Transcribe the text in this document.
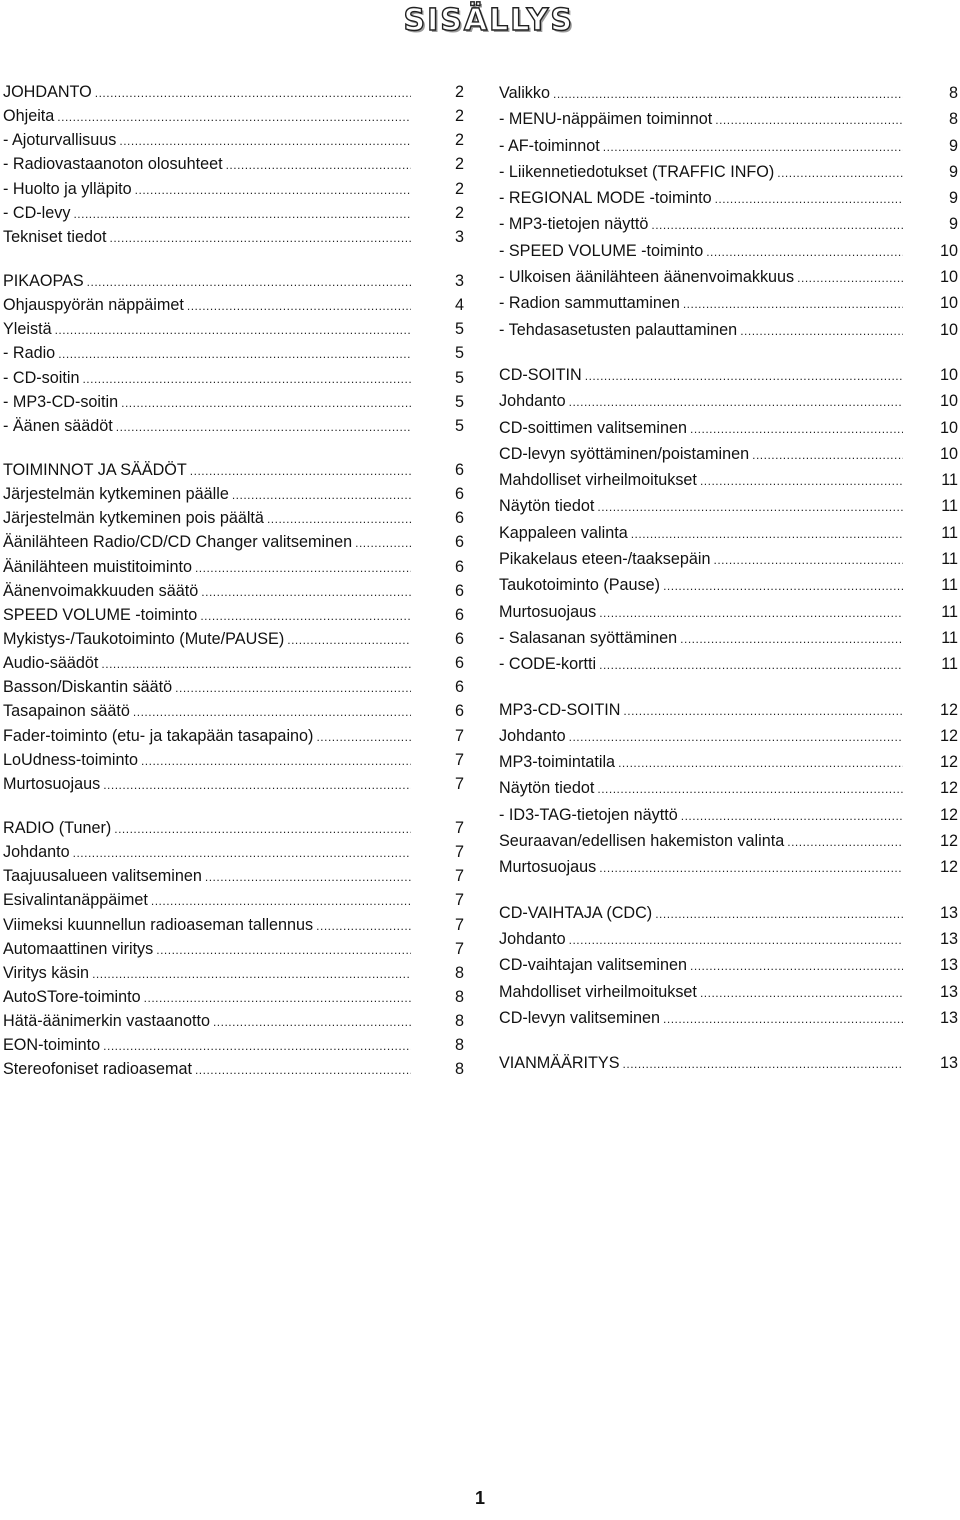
SISÄLLYS
JOHDANTO .....	2
Ohjeita .....	2
- Ajoturvallisuus .....	2
- Radiovastaanoton olosuhteet .....	2
- Huolto ja ylläpito .....	2
- CD-levy .....	2
Tekniset tiedot .....	3
PIKAOPAS .....	3
Ohjauspyörän näppäimet .....	4
Yleistä .....	5
- Radio .....	5
- CD-soitin .....	5
- MP3-CD-soitin .....	5
- Äänen säädöt .....	5
TOIMINNOT JA SÄÄDÖT .....	6
Järjestelmän kytkeminen päälle .....	6
Järjestelmän kytkeminen pois päältä .....	6
Äänilähteen Radio/CD/CD Changer valitseminen .....	6
Äänilähteen muistitoiminto .....	6
Äänenvoimakkuuden säätö .....	6
SPEED VOLUME -toiminto .....	6
Mykistys-/Taukotoiminto (Mute/PAUSE) .....	6
Audio-säädöt .....	6
Basson/Diskantin säätö .....	6
Tasapainon säätö .....	6
Fader-toiminto (etu- ja takapään tasapaino) .....	7
LoUdness-toiminto .....	7
Murtosuojaus .....	7
RADIO (Tuner) .....	7
Johdanto .....	7
Taajuusalueen valitseminen .....	7
Esivalintanäppäimet .....	7
Viimeksi kuunnellun radioaseman tallennus .....	7
Automaattinen viritys .....	7
Viritys käsin .....	8
AutoSTore-toiminto .....	8
Hätä-äänimerkin vastaanotto .....	8
EON-toiminto .....	8
Stereofoniset radioasemat .....	8
Valikko .....	8
- MENU-näppäimen toiminnot .....	8
- AF-toiminnot .....	9
- Liikennetiedotukset (TRAFFIC INFO) .....	9
- REGIONAL MODE -toiminto .....	9
- MP3-tietojen näyttö .....	9
- SPEED VOLUME -toiminto .....	10
- Ulkoisen äänilähteen äänenvoimakkuus .....	10
- Radion sammuttaminen .....	10
- Tehdasasetusten palauttaminen .....	10
CD-SOITIN .....	10
Johdanto .....	10
CD-soittimen valitseminen .....	10
CD-levyn syöttäminen/poistaminen .....	10
Mahdolliset virheilmoitukset .....	11
Näytön tiedot .....	11
Kappaleen valinta .....	11
Pikakelaus eteen-/taaksepäin .....	11
Taukotoiminto (Pause) .....	11
Murtosuojaus .....	11
- Salasanan syöttäminen .....	11
- CODE-kortti .....	11
MP3-CD-SOITIN .....	12
Johdanto .....	12
MP3-toimintatila .....	12
Näytön tiedot .....	12
- ID3-TAG-tietojen näyttö .....	12
Seuraavan/edellisen hakemiston valinta .....	12
Murtosuojaus .....	12
CD-VAIHTAJA (CDC) .....	13
Johdanto .....	13
CD-vaihtajan valitseminen .....	13
Mahdolliset virheilmoitukset .....	13
CD-levyn valitseminen .....	13
VIANMÄÄRITYS .....	13
1
